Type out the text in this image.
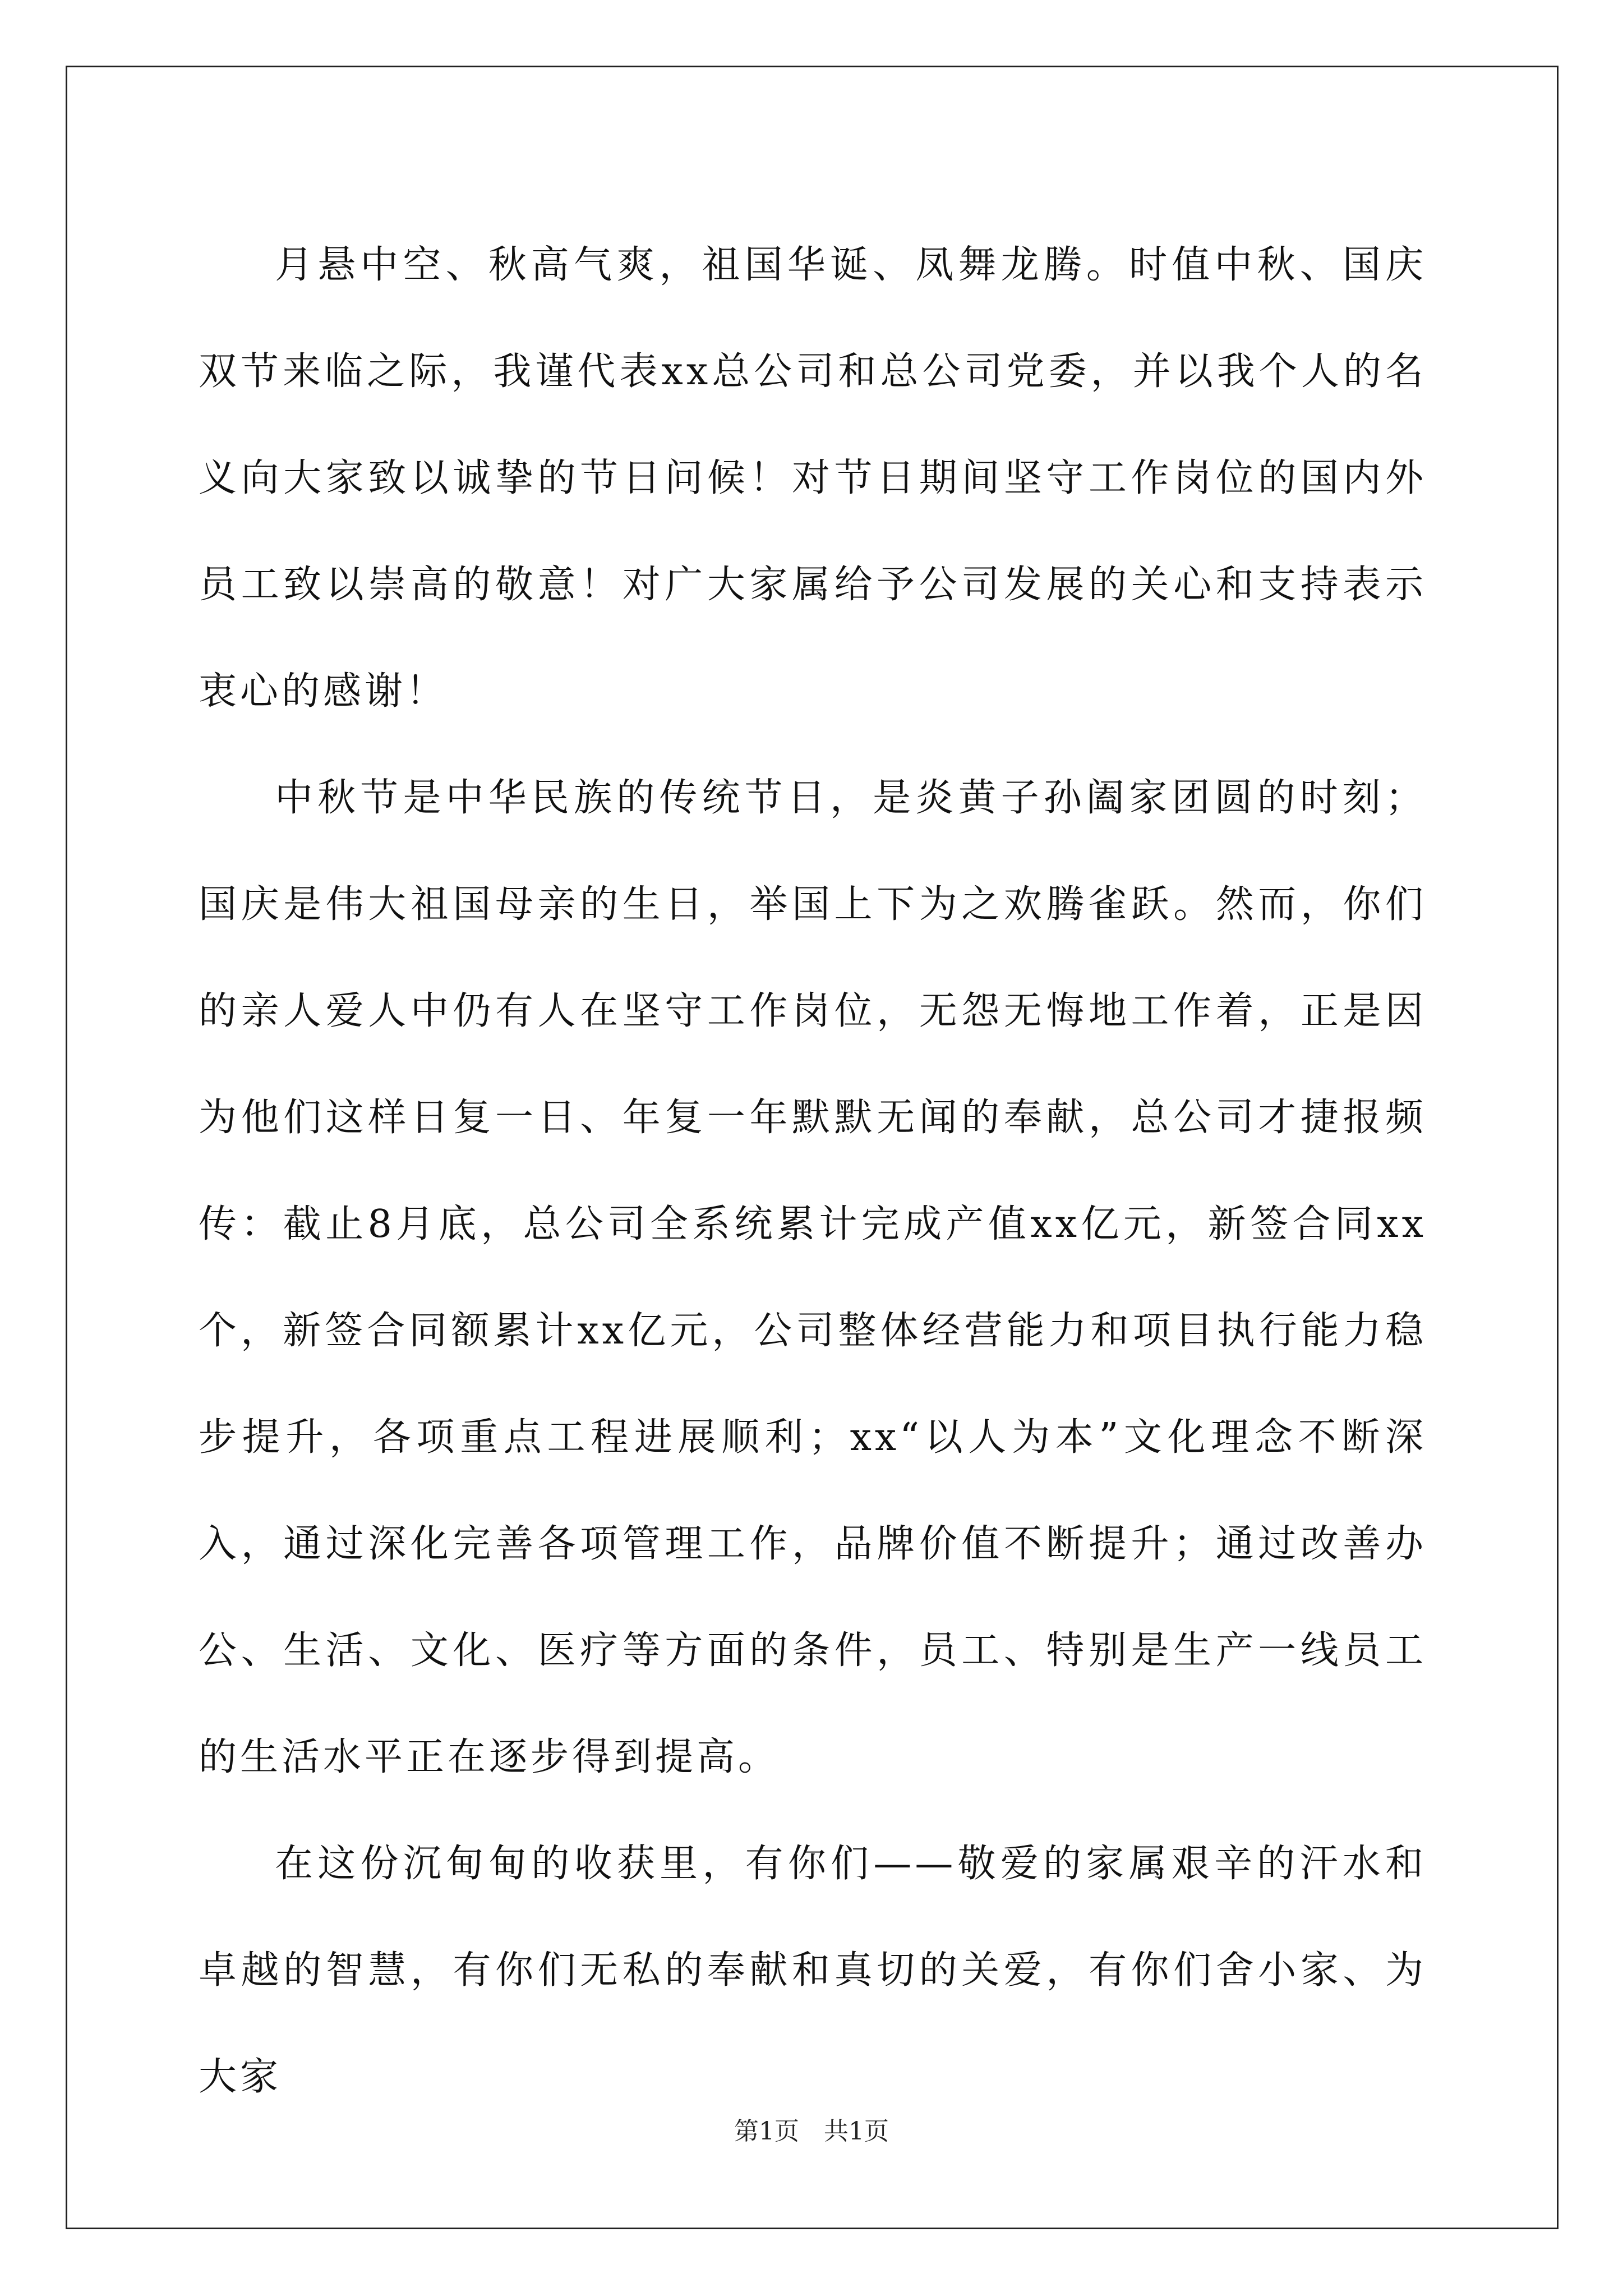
月悬中空、秋高气爽，祖国华诞、凤舞龙腾。时值中秋、国庆双节来临之际，我谨代表xx总公司和总公司党委，并以我个人的名义向大家致以诚挚的节日问候！对节日期间坚守工作岗位的国内外员工致以崇高的敬意！对广大家属给予公司发展的关心和支持表示衷心的感谢！

中秋节是中华民族的传统节日，是炎黄子孙阖家团圆的时刻；国庆是伟大祖国母亲的生日，举国上下为之欢腾雀跃。然而，你们的亲人爱人中仍有人在坚守工作岗位，无怨无悔地工作着，正是因为他们这样日复一日、年复一年默默无闻的奉献，总公司才捷报频传：截止8月底，总公司全系统累计完成产值xx亿元，新签合同xx个，新签合同额累计xx亿元，公司整体经营能力和项目执行能力稳步提升，各项重点工程进展顺利；xx“以人为本”文化理念不断深入，通过深化完善各项管理工作，品牌价值不断提升；通过改善办公、生活、文化、医疗等方面的条件，员工、特别是生产一线员工的生活水平正在逐步得到提高。

在这份沉甸甸的收获里，有你们——敬爱的家属艰辛的汗水和卓越的智慧，有你们无私的奉献和真切的关爱，有你们舍小家、为大家

第1页　共1页
